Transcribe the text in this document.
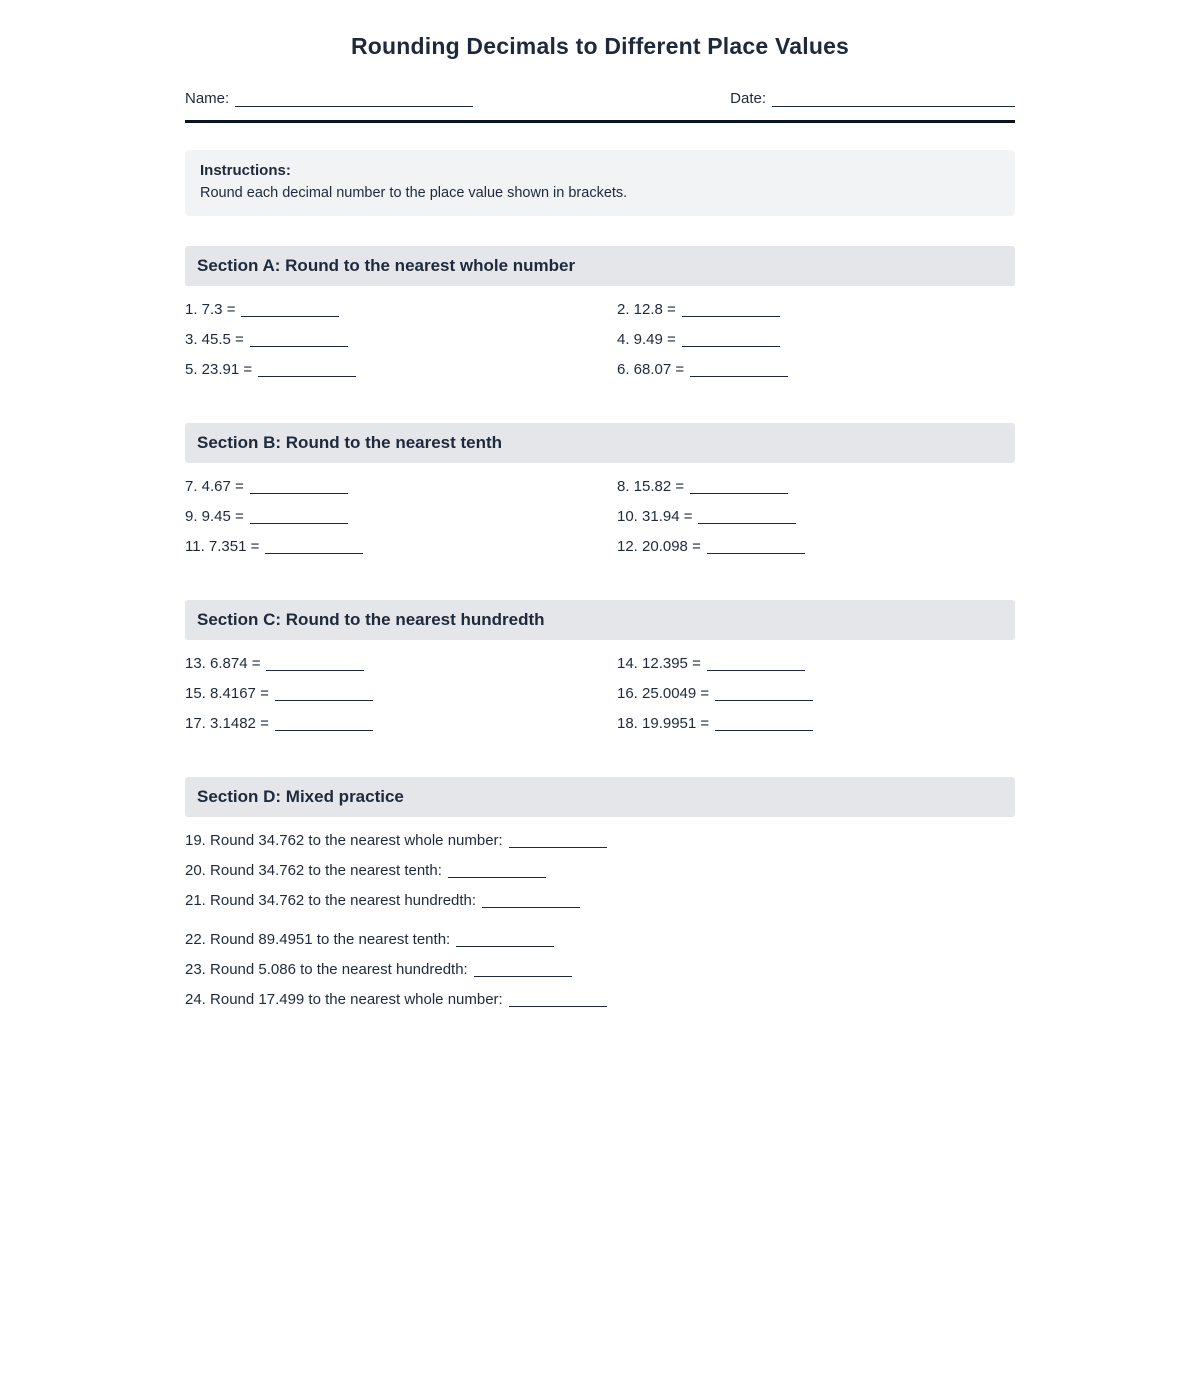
Rounding Decimals to Different Place Values
Name:	Date:
Instructions:
Round each decimal number to the place value shown in brackets.
Section A: Round to the nearest whole number
1. 7.3 =	2. 12.8 =
3. 45.5 =	4. 9.49 =
5. 23.91 =	6. 68.07 =
Section B: Round to the nearest tenth
7. 4.67 =	8. 15.82 =
9. 9.45 =	10. 31.94 =
11. 7.351 =	12. 20.098 =
Section C: Round to the nearest hundredth
13. 6.874 =	14. 12.395 =
15. 8.4167 =	16. 25.0049 =
17. 3.1482 =	18. 19.9951 =
Section D: Mixed practice
19. Round 34.762 to the nearest whole number:
20. Round 34.762 to the nearest tenth:
21. Round 34.762 to the nearest hundredth:
22. Round 89.4951 to the nearest tenth:
23. Round 5.086 to the nearest hundredth:
24. Round 17.499 to the nearest whole number:
